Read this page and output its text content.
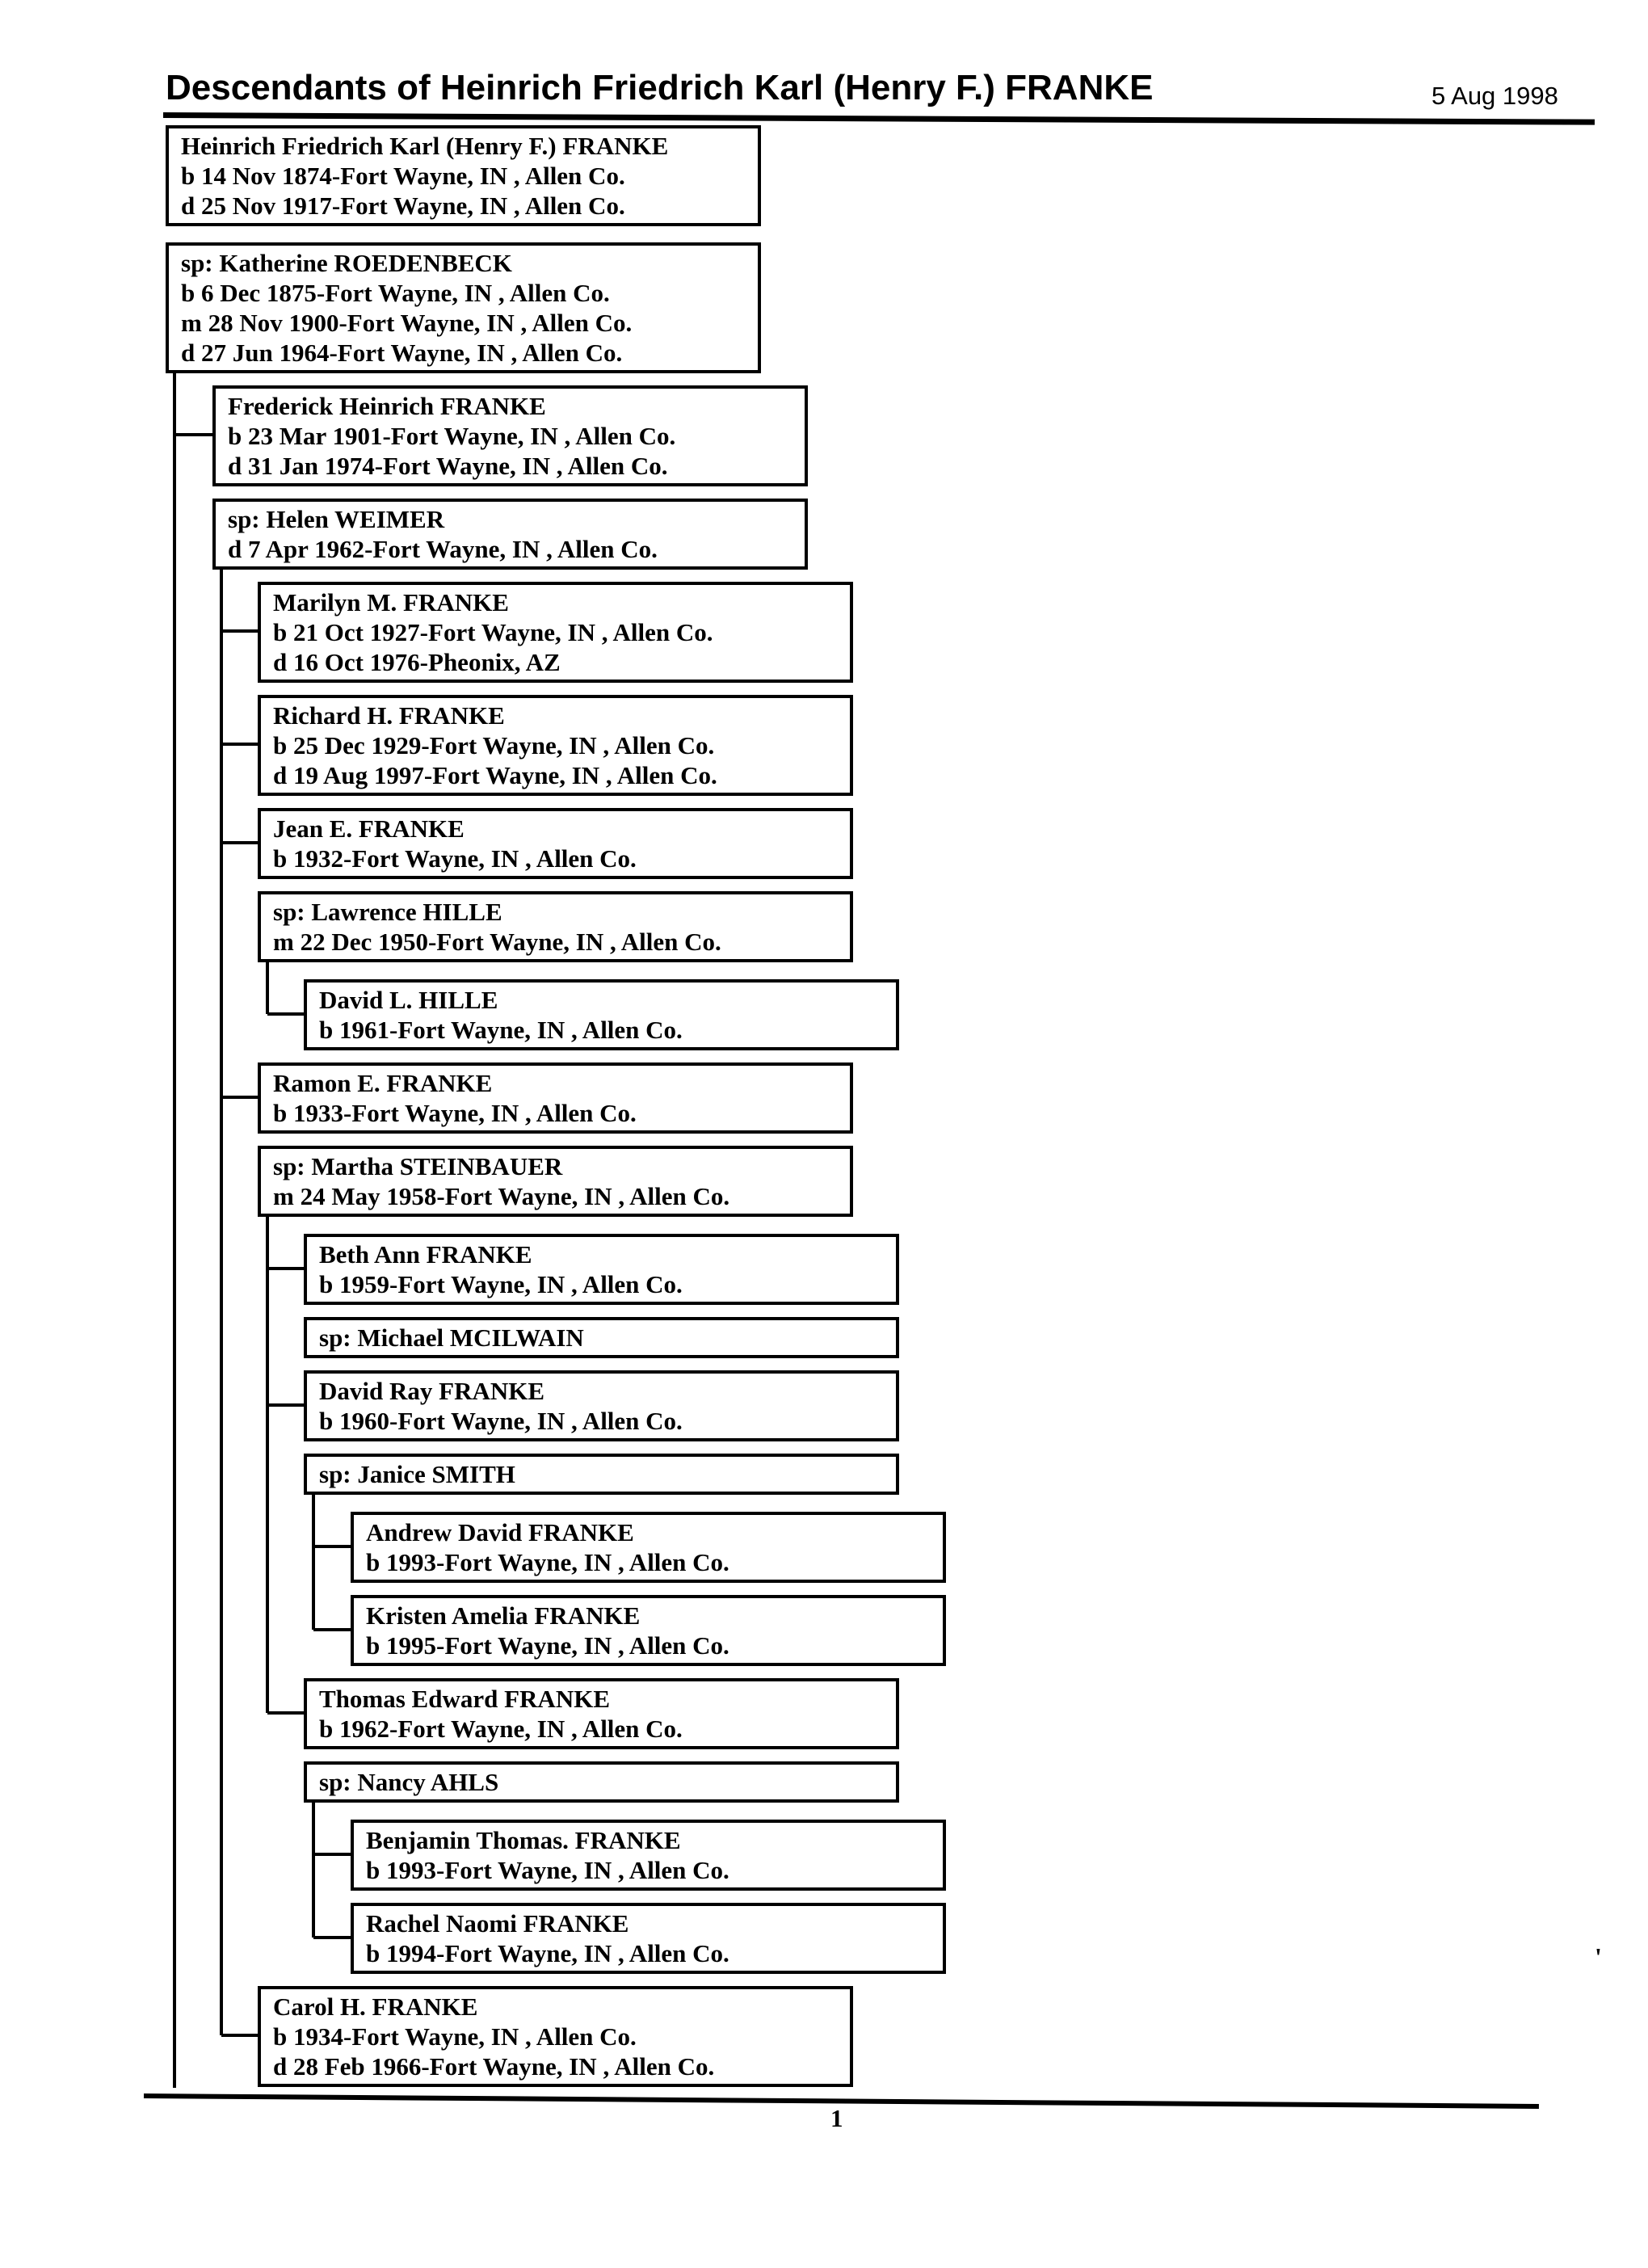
Descendants of Heinrich Friedrich Karl (Henry F.) FRANKE	5 Aug 1998
Heinrich Friedrich Karl (Henry F.) FRANKE
b 14 Nov 1874-Fort Wayne, IN , Allen Co.
d 25 Nov 1917-Fort Wayne, IN , Allen Co.
sp: Katherine ROEDENBECK
b 6 Dec 1875-Fort Wayne, IN , Allen Co.
m 28 Nov 1900-Fort Wayne, IN , Allen Co.
d 27 Jun 1964-Fort Wayne, IN , Allen Co.
Frederick Heinrich FRANKE
b 23 Mar 1901-Fort Wayne, IN , Allen Co.
d 31 Jan 1974-Fort Wayne, IN , Allen Co.
sp: Helen WEIMER
d 7 Apr 1962-Fort Wayne, IN , Allen Co.
Marilyn M. FRANKE
b 21 Oct 1927-Fort Wayne, IN , Allen Co.
d 16 Oct 1976-Pheonix, AZ
Richard H. FRANKE
b 25 Dec 1929-Fort Wayne, IN , Allen Co.
d 19 Aug 1997-Fort Wayne, IN , Allen Co.
Jean E. FRANKE
b 1932-Fort Wayne, IN , Allen Co.
sp: Lawrence HILLE
m 22 Dec 1950-Fort Wayne, IN , Allen Co.
David L. HILLE
b 1961-Fort Wayne, IN , Allen Co.
Ramon E. FRANKE
b 1933-Fort Wayne, IN , Allen Co.
sp: Martha STEINBAUER
m 24 May 1958-Fort Wayne, IN , Allen Co.
Beth Ann FRANKE
b 1959-Fort Wayne, IN , Allen Co.
sp: Michael MCILWAIN
David Ray FRANKE
b 1960-Fort Wayne, IN , Allen Co.
sp: Janice SMITH
Andrew David FRANKE
b 1993-Fort Wayne, IN , Allen Co.
Kristen Amelia FRANKE
b 1995-Fort Wayne, IN , Allen Co.
Thomas Edward FRANKE
b 1962-Fort Wayne, IN , Allen Co.
sp: Nancy AHLS
Benjamin Thomas. FRANKE
b 1993-Fort Wayne, IN , Allen Co.
Rachel Naomi FRANKE
b 1994-Fort Wayne, IN , Allen Co.
Carol H. FRANKE
b 1934-Fort Wayne, IN , Allen Co.
d 28 Feb 1966-Fort Wayne, IN , Allen Co.
'
1
